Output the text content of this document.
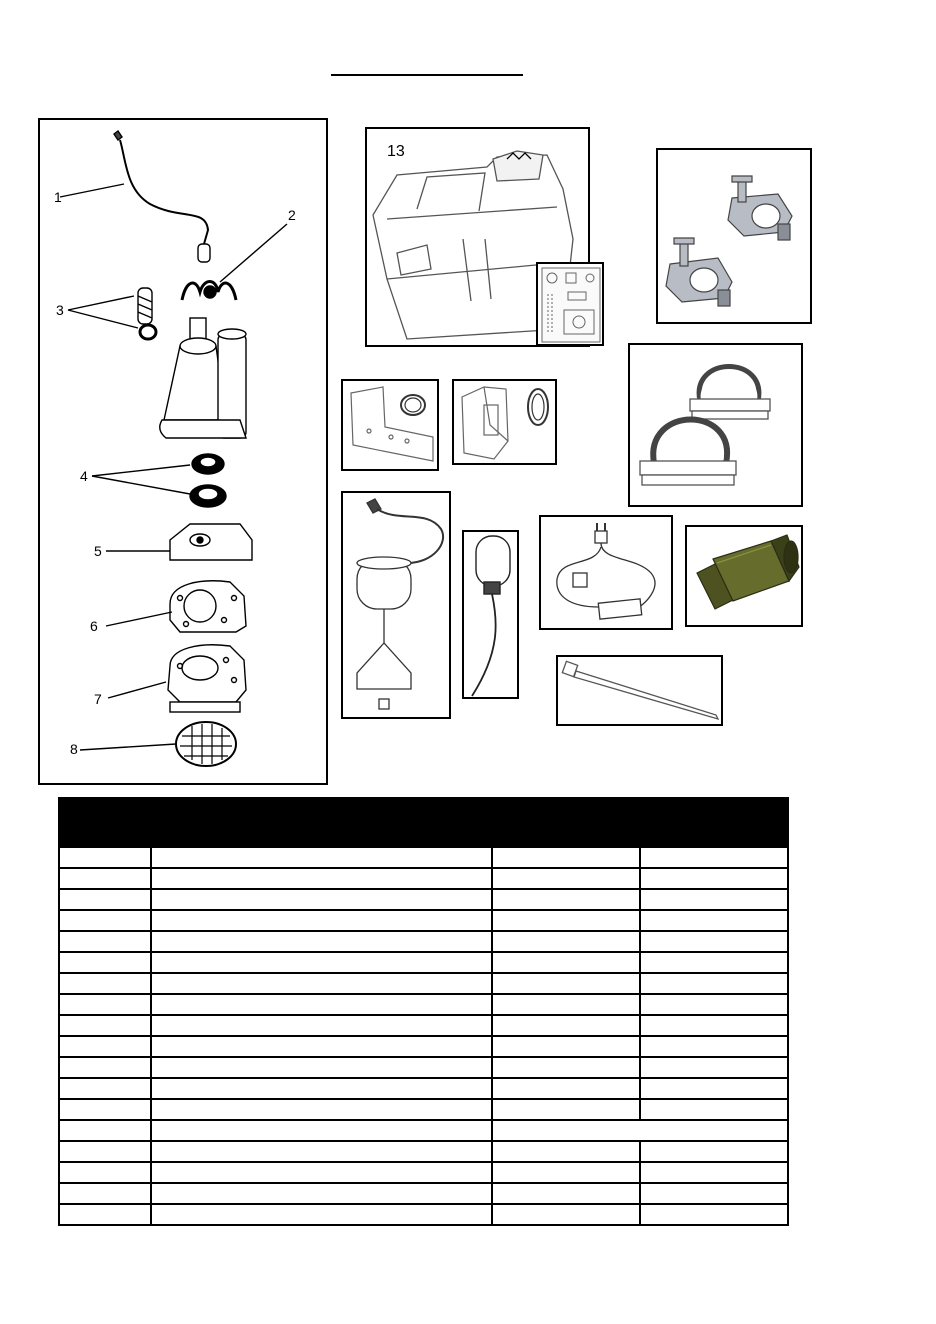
1
2
3
4
5
6
7
8
13
